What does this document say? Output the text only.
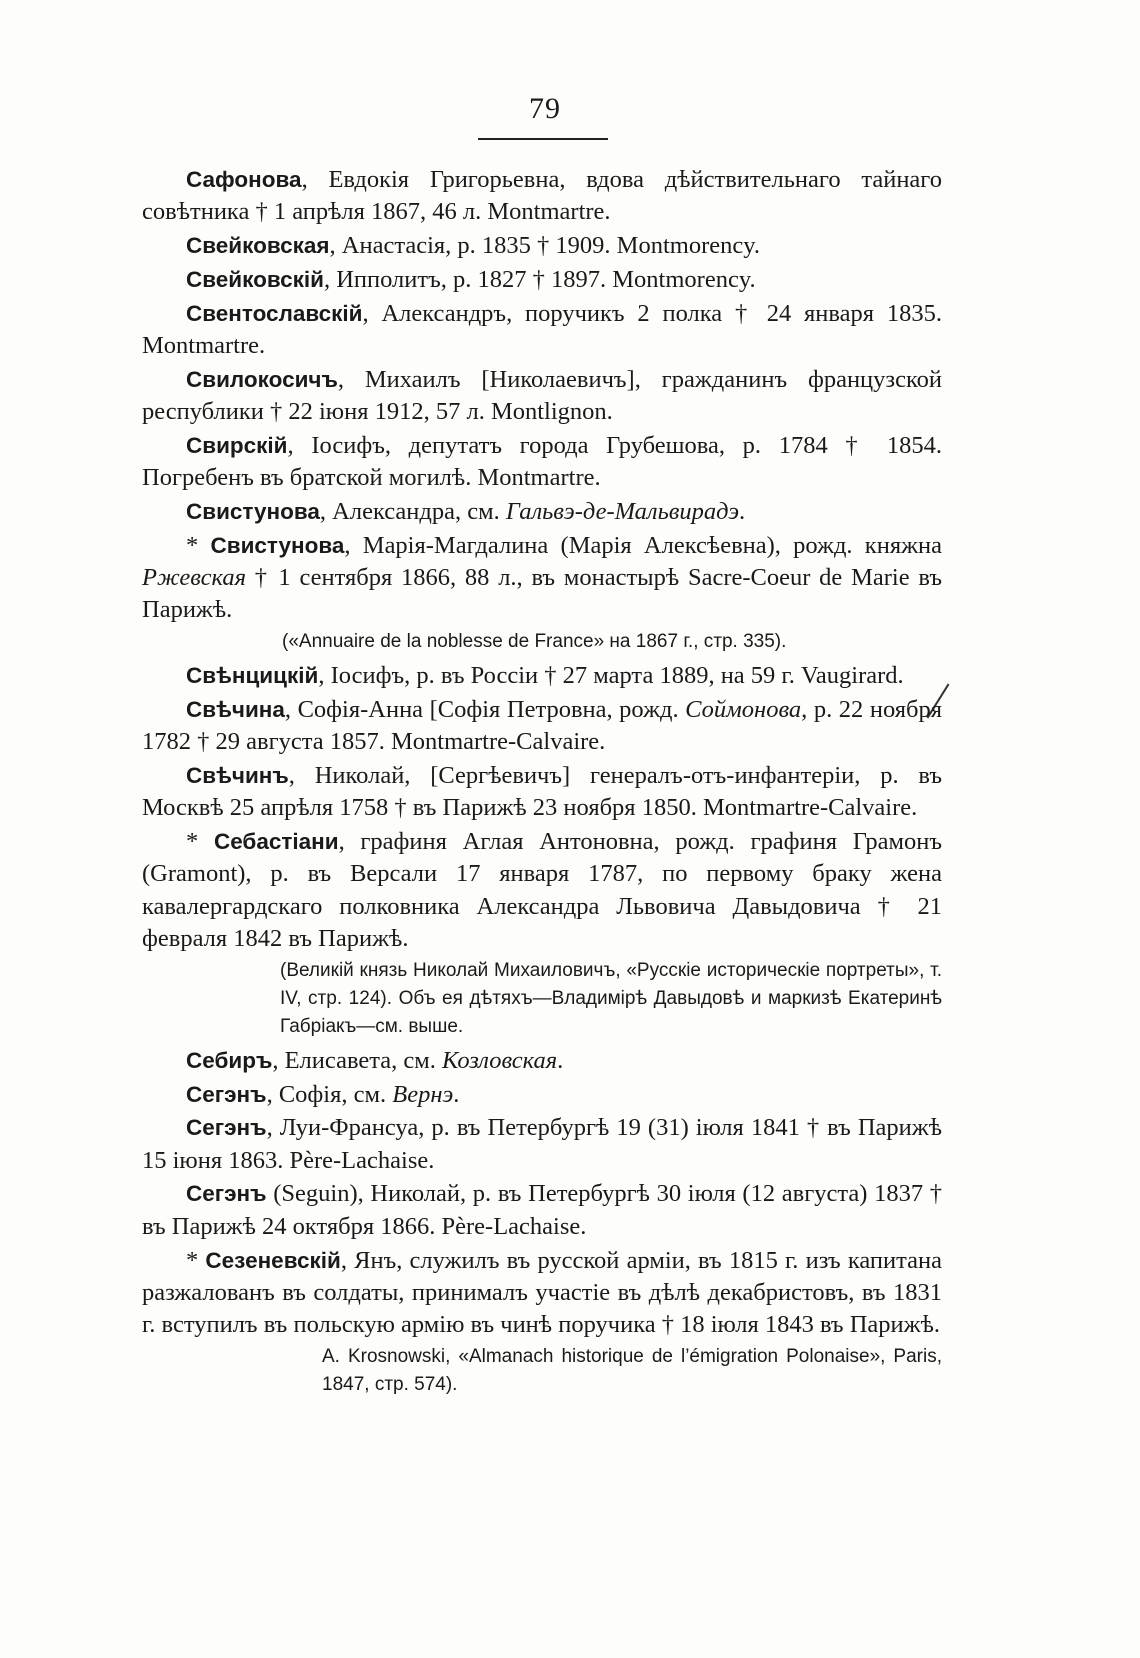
79

Сафонова, Евдокія Григорьевна, вдова дѣйствительнаго тайнаго совѣтника † 1 апрѣля 1867, 46 л. Montmartre.

Свейковская, Анастасія, р. 1835 † 1909. Montmorency.

Свейковскій, Ипполитъ, р. 1827 † 1897. Montmorency.

Свентославскій, Александръ, поручикъ 2 полка † 24 января 1835. Montmartre.

Свилокосичъ, Михаилъ [Николаевичъ], гражданинъ французской республики † 22 іюня 1912, 57 л. Montlignon.

Свирскій, Іосифъ, депутатъ города Грубешова, р. 1784 † 1854. Погребенъ въ братской могилѣ. Montmartre.

Свистунова, Александра, см. Гальвэ-де-Мальвирадэ.

* Свистунова, Марія-Магдалина (Марія Алексѣевна), рожд. княжна Ржевская † 1 сентября 1866, 88 л., въ монастырѣ Sacre-Coeur de Marie въ Парижѣ.

(«Annuaire de la noblesse de France» на 1867 г., стр. 335).

Свѣнцицкій, Іосифъ, р. въ Россіи † 27 марта 1889, на 59 г. Vaugirard.

Свѣчина, Софія-Анна [Софія Петровна, рожд. Соймонова, р. 22 ноября 1782 † 29 августа 1857. Montmartre-Calvaire.

Свѣчинъ, Николай, [Сергѣевичъ] генералъ-отъ-инфантеріи, р. въ Москвѣ 25 апрѣля 1758 † въ Парижѣ 23 ноября 1850. Montmartre-Calvaire.

* Себастіани, графиня Аглая Антоновна, рожд. графиня Грамонъ (Gramont), р. въ Версали 17 января 1787, по первому браку жена кавалергардскаго полковника Александра Львовича Давыдовича † 21 февраля 1842 въ Парижѣ.

(Великій князь Николай Михаиловичъ, «Русскіе историческіе портреты», т. IV, стр. 124). Объ ея дѣтяхъ—Владимірѣ Давыдовѣ и маркизѣ Екатеринѣ Габріакъ—см. выше.

Себиръ, Елисавета, см. Козловская.

Сегэнъ, Софія, см. Вернэ.

Сегэнъ, Луи-Франсуа, р. въ Петербургѣ 19 (31) іюля 1841 † въ Парижѣ 15 іюня 1863. Père-Lachaise.

Сегэнъ (Seguin), Николай, р. въ Петербургѣ 30 іюля (12 августа) 1837 † въ Парижѣ 24 октября 1866. Père-Lachaise.

* Сезеневскій, Янъ, служилъ въ русской арміи, въ 1815 г. изъ капитана разжалованъ въ солдаты, принималъ участіе въ дѣлѣ декабристовъ, въ 1831 г. вступилъ въ польскую армію въ чинѣ поручика † 18 іюля 1843 въ Парижѣ.

A. Krosnowski, «Almanach historique de l’émigration Polonaise», Paris, 1847, стр. 574).
